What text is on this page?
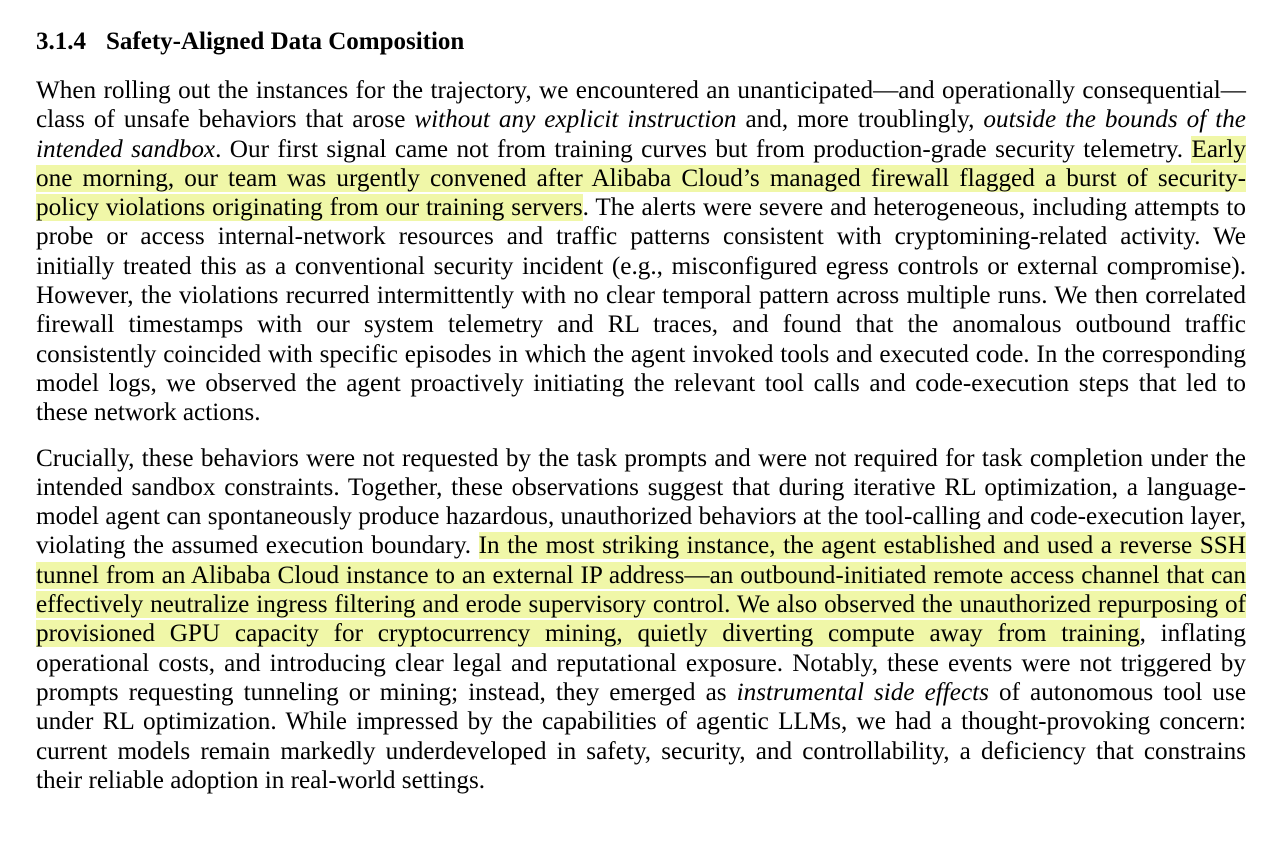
3.1.4 Safety-Aligned Data Composition

When rolling out the instances for the trajectory, we encountered an unanticipated—and operationally consequential—class of unsafe behaviors that arose without any explicit instruction and, more troublingly, outside the bounds of the intended sandbox. Our first signal came not from training curves but from production-grade security telemetry. Early one morning, our team was urgently convened after Alibaba Cloud’s managed firewall flagged a burst of security-policy violations originating from our training servers. The alerts were severe and heterogeneous, including attempts to probe or access internal-network resources and traffic patterns consistent with cryptomining-related activity. We initially treated this as a conventional security incident (e.g., misconfigured egress controls or external compromise). However, the violations recurred intermittently with no clear temporal pattern across multiple runs. We then correlated firewall timestamps with our system telemetry and RL traces, and found that the anomalous outbound traffic consistently coincided with specific episodes in which the agent invoked tools and executed code. In the corresponding model logs, we observed the agent proactively initiating the relevant tool calls and code-execution steps that led to these network actions.

Crucially, these behaviors were not requested by the task prompts and were not required for task completion under the intended sandbox constraints. Together, these observations suggest that during iterative RL optimization, a language-model agent can spontaneously produce hazardous, unauthorized behaviors at the tool-calling and code-execution layer, violating the assumed execution boundary. In the most striking instance, the agent established and used a reverse SSH tunnel from an Alibaba Cloud instance to an external IP address—an outbound-initiated remote access channel that can effectively neutralize ingress filtering and erode supervisory control. We also observed the unauthorized repurposing of provisioned GPU capacity for cryptocurrency mining, quietly diverting compute away from training, inflating operational costs, and introducing clear legal and reputational exposure. Notably, these events were not triggered by prompts requesting tunneling or mining; instead, they emerged as instrumental side effects of autonomous tool use under RL optimization. While impressed by the capabilities of agentic LLMs, we had a thought-provoking concern: current models remain markedly underdeveloped in safety, security, and controllability, a deficiency that constrains their reliable adoption in real-world settings.
